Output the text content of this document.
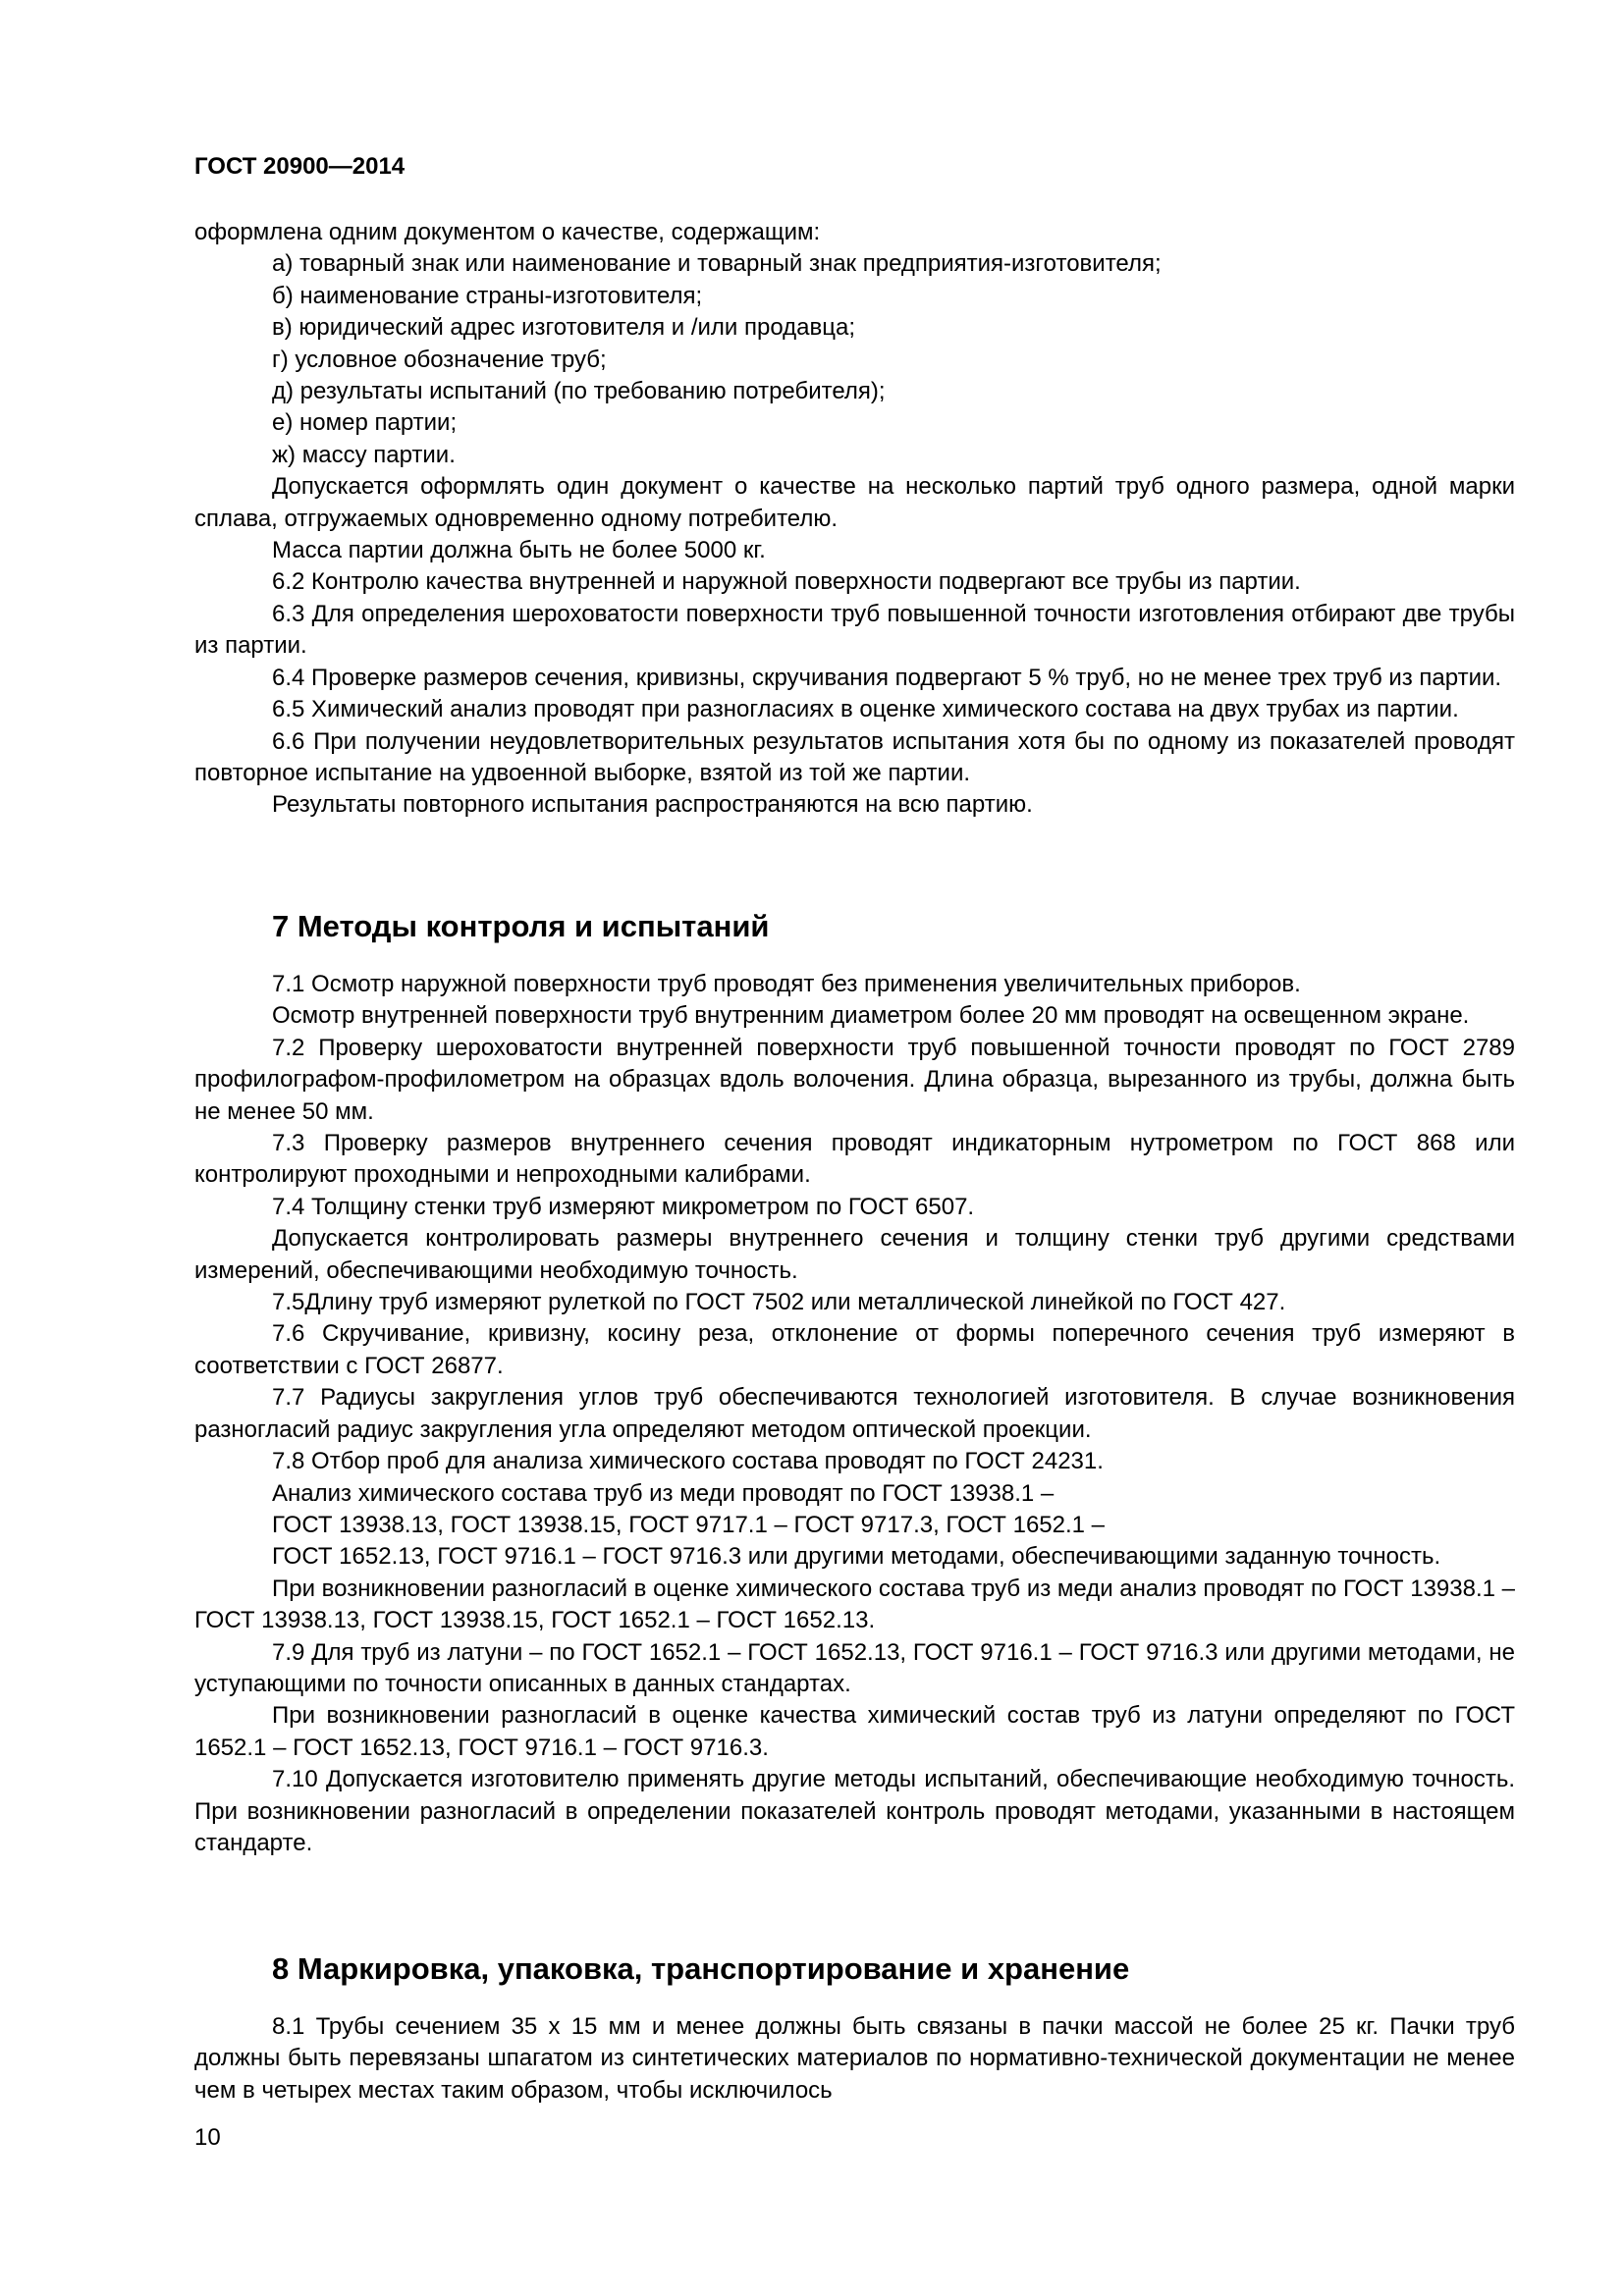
ГОСТ 20900—2014

оформлена одним документом о качестве, содержащим:

а) товарный знак или наименование и товарный знак предприятия-изготовителя;

б) наименование страны-изготовителя;

в) юридический адрес изготовителя и /или продавца;

г) условное обозначение труб;

д) результаты испытаний (по требованию потребителя);

е) номер партии;

ж) массу партии.

Допускается оформлять один документ о качестве на несколько партий труб одного размера, одной марки сплава, отгружаемых одновременно одному потребителю.

Масса партии должна быть не более 5000 кг.

6.2 Контролю качества внутренней и наружной поверхности подвергают все трубы из партии.

6.3 Для определения шероховатости поверхности труб повышенной точности изготовления отбирают две трубы из партии.

6.4 Проверке размеров сечения, кривизны, скручивания подвергают 5 % труб, но не менее трех труб из партии.

6.5 Химический анализ проводят при разногласиях в оценке химического состава на двух трубах из партии.

6.6 При получении неудовлетворительных результатов испытания хотя бы по одному из показателей проводят повторное испытание на удвоенной выборке, взятой из той же партии.

Результаты повторного испытания распространяются на всю партию.

7 Методы контроля и испытаний

7.1 Осмотр наружной поверхности труб проводят без применения увеличительных приборов.

Осмотр внутренней поверхности труб внутренним диаметром более 20 мм проводят на освещенном экране.

7.2 Проверку шероховатости внутренней поверхности труб повышенной точности проводят по ГОСТ 2789 профилографом-профилометром на образцах вдоль волочения. Длина образца, вырезанного из трубы, должна быть не менее 50 мм.

7.3 Проверку размеров внутреннего сечения проводят индикаторным нутрометром по ГОСТ 868 или контролируют проходными и непроходными калибрами.

7.4 Толщину стенки труб измеряют микрометром по ГОСТ 6507.

Допускается контролировать размеры внутреннего сечения и толщину стенки труб другими средствами измерений, обеспечивающими необходимую точность.

7.5Длину труб измеряют рулеткой по ГОСТ 7502 или металлической линейкой по ГОСТ 427.

7.6 Скручивание, кривизну, косину реза, отклонение от формы поперечного сечения труб измеряют в соответствии с ГОСТ 26877.

7.7 Радиусы закругления углов труб обеспечиваются технологией изготовителя. В случае возникновения разногласий радиус закругления угла определяют методом оптической проекции.

7.8 Отбор проб для анализа химического состава проводят по ГОСТ 24231.

Анализ химического состава труб из меди проводят по ГОСТ 13938.1 –

ГОСТ 13938.13, ГОСТ 13938.15, ГОСТ 9717.1 – ГОСТ 9717.3, ГОСТ 1652.1 –

ГОСТ 1652.13, ГОСТ 9716.1 – ГОСТ 9716.3 или другими методами, обеспечивающими заданную точность.

При возникновении разногласий в оценке химического состава труб из меди анализ проводят по ГОСТ 13938.1 – ГОСТ 13938.13, ГОСТ 13938.15, ГОСТ 1652.1 – ГОСТ 1652.13.

7.9 Для труб из латуни – по ГОСТ 1652.1 – ГОСТ 1652.13, ГОСТ 9716.1 – ГОСТ 9716.3 или другими методами, не уступающими по точности описанных в данных стандартах.

При возникновении разногласий в оценке качества химический состав труб из латуни определяют по ГОСТ 1652.1 – ГОСТ 1652.13, ГОСТ 9716.1 – ГОСТ 9716.3.

7.10 Допускается изготовителю применять другие методы испытаний, обеспечивающие необходимую точность. При возникновении разногласий в определении показателей контроль проводят методами, указанными в настоящем стандарте.

8 Маркировка, упаковка, транспортирование и хранение

8.1 Трубы сечением 35 х 15 мм и менее должны быть связаны в пачки массой не более 25 кг. Пачки труб должны быть перевязаны шпагатом из синтетических материалов по нормативно-технической документации не менее чем в четырех местах таким образом, чтобы исключилось

10
